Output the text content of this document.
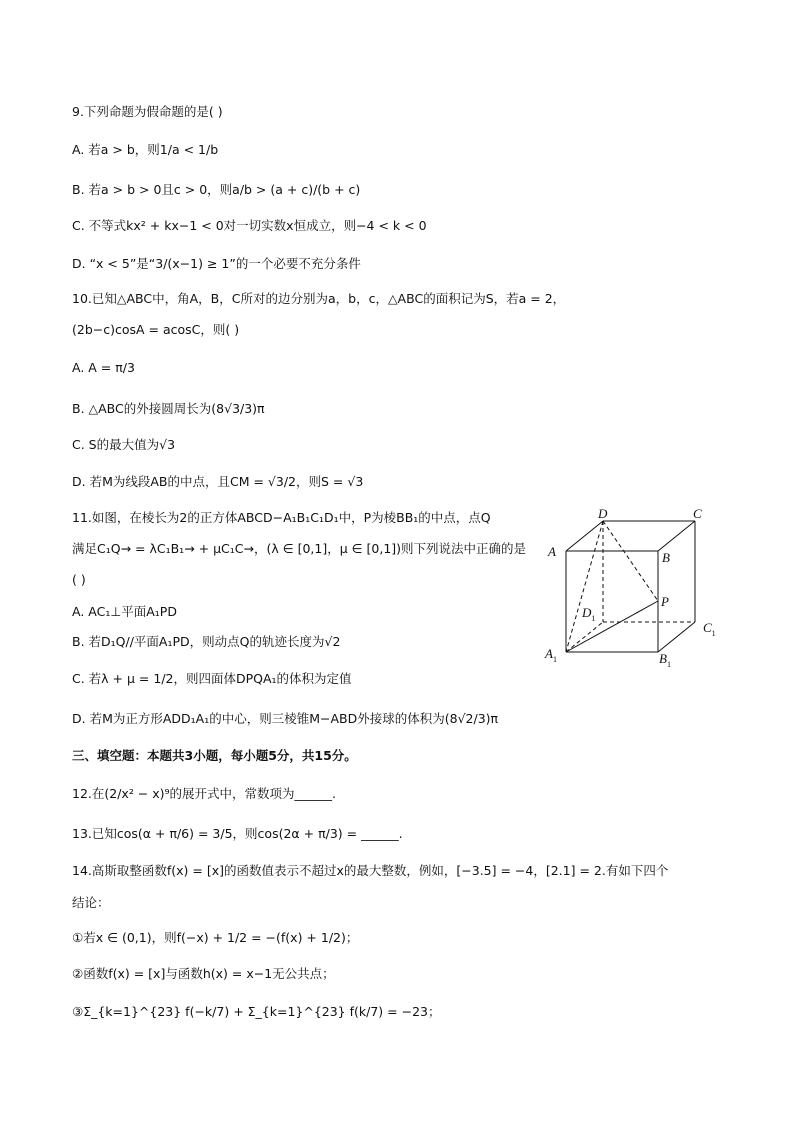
9.下列命题为假命题的是( )
A. 若a > b，则1/a < 1/b
B. 若a > b > 0且c > 0，则a/b > (a + c)/(b + c)
C. 不等式kx² + kx−1 < 0对一切实数x恒成立，则−4 < k < 0
D. “x < 5”是“3/(x−1) ≥ 1”的一个必要不充分条件
10.已知△ABC中，角A，B，C所对的边分别为a，b，c，△ABC的面积记为S，若a = 2，
(2b−c)cosA = acosC，则( )
A. A = π/3
B. △ABC的外接圆周长为(8√3/3)π
C. S的最大值为√3
D. 若M为线段AB的中点，且CM = √3/2，则S = √3
11.如图，在棱长为2的正方体ABCD−A₁B₁C₁D₁中，P为棱BB₁的中点，点Q
满足C₁Q→ = λC₁B₁→ + μC₁C→，(λ ∈ [0,1]，μ ∈ [0,1])则下列说法中正确的是
( )
A. AC₁⊥平面A₁PD
B. 若D₁Q//平面A₁PD，则动点Q的轨迹长度为√2
C. 若λ + μ = 1/2，则四面体DPQA₁的体积为定值
D. 若M为正方形ADD₁A₁的中心，则三棱锥M−ABD外接球的体积为(8√2/3)π
三、填空题：本题共3小题，每小题5分，共15分。
12.在(2/x² − x)⁹的展开式中，常数项为______.
13.已知cos(α + π/6) = 3/5，则cos(2α + π/3) = ______.
14.高斯取整函数f(x) = [x]的函数值表示不超过x的最大整数，例如，[−3.5] = −4，[2.1] = 2.有如下四个
结论：
①若x ∈ (0,1)，则f(−x) + 1/2 = −(f(x) + 1/2)；
②函数f(x) = [x]与函数h(x) = x−1无公共点；
③Σ_{k=1}^{23} f(−k/7) + Σ_{k=1}^{23} f(k/7) = −23；
D	C
A	B
P
$D_1$
$C_1$
$A_1$	$B_1$
